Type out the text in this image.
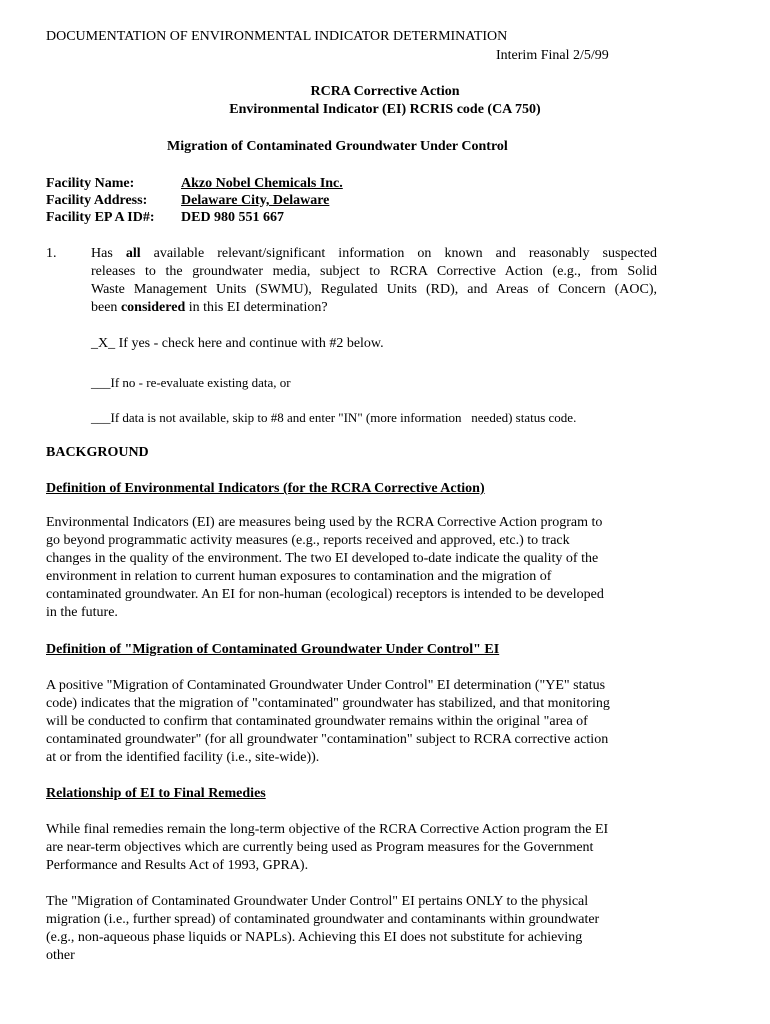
DOCUMENTATION OF ENVIRONMENTAL INDICATOR DETERMINATION
Interim Final 2/5/99
RCRA Corrective Action
Environmental Indicator (EI) RCRIS code (CA 750)
Migration of Contaminated Groundwater Under Control
Facility Name:	Akzo Nobel Chemicals Inc.
Facility Address: Delaware City, Delaware
Facility EP A ID#: DED 980 551 667
1. Has all available relevant/significant information on known and reasonably suspected
releases to the groundwater media, subject to RCRA Corrective Action (e.g., from Solid
Waste Management Units (SWMU), Regulated Units (RD), and Areas of Concern (AOC),
been considered in this EI determination?
_X_ If yes - check here and continue with #2 below.
___If no - re-evaluate existing data, or
___If data is not available, skip to #8 and enter "IN" (more information   needed) status code.
BACKGROUND
Definition of Environmental Indicators (for the RCRA Corrective Action)
Environmental Indicators (EI) are measures being used by the RCRA Corrective Action program to
go beyond programmatic activity measures (e.g., reports received and approved, etc.) to track
changes in the quality of the environment. The two EI developed to-date indicate the quality of the
environment in relation to current human exposures to contamination and the migration of
contaminated groundwater. An EI for non-human (ecological) receptors is intended to be developed
in the future.
Definition of "Migration of Contaminated Groundwater Under Control" EI
A positive "Migration of Contaminated Groundwater Under Control" EI determination ("YE" status
code) indicates that the migration of "contaminated" groundwater has stabilized, and that monitoring
will be conducted to confirm that contaminated groundwater remains within the original "area of
contaminated groundwater" (for all groundwater "contamination" subject to RCRA corrective action
at or from the identified facility (i.e., site-wide)).
Relationship of EI to Final Remedies
While final remedies remain the long-term objective of the RCRA Corrective Action program the EI
are near-term objectives which are currently being used as Program measures for the Government
Performance and Results Act of 1993, GPRA).
The "Migration of Contaminated Groundwater Under Control" EI pertains ONLY to the physical
migration (i.e., further spread) of contaminated groundwater and contaminants within groundwater
(e.g., non-aqueous phase liquids or NAPLs). Achieving this EI does not substitute for achieving
other
